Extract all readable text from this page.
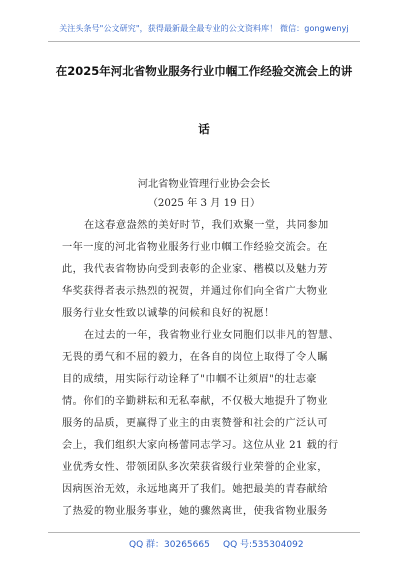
关注头条号"公文研究"，获得最新最全最专业的公文资料库！ 微信：gongwenyj
在2025年河北省物业服务行业巾帼工作经验交流会上的讲
话
河北省物业管理行业协会会长
（2025 年 3 月 19 日）
在这春意盎然的美好时节，我们欢聚一堂，共同参加
一年一度的河北省物业服务行业巾帼工作经验交流会。在
此，我代表省物协向受到表彰的企业家、楷模以及魅力芳
华奖获得者表示热烈的祝贺，并通过你们向全省广大物业
服务行业女性致以诚挚的问候和良好的祝愿！
在过去的一年，我省物业行业女同胞们以非凡的智慧、
无畏的勇气和不屈的毅力，在各自的岗位上取得了令人瞩
目的成绩，用实际行动诠释了"巾帼不让须眉"的壮志豪
情。你们的辛勤耕耘和无私奉献，不仅极大地提升了物业
服务的品质，更赢得了业主的由衷赞誉和社会的广泛认可
会上，我们组织大家向杨蕾同志学习。这位从业 21 载的行
业优秀女性、带领团队多次荣获省级行业荣誉的企业家，
因病医治无效，永远地离开了我们。她把最美的青春献给
了热爱的物业服务事业，她的骤然离世，使我省物业服务
QQ 群：30265665 QQ 号:535304092
